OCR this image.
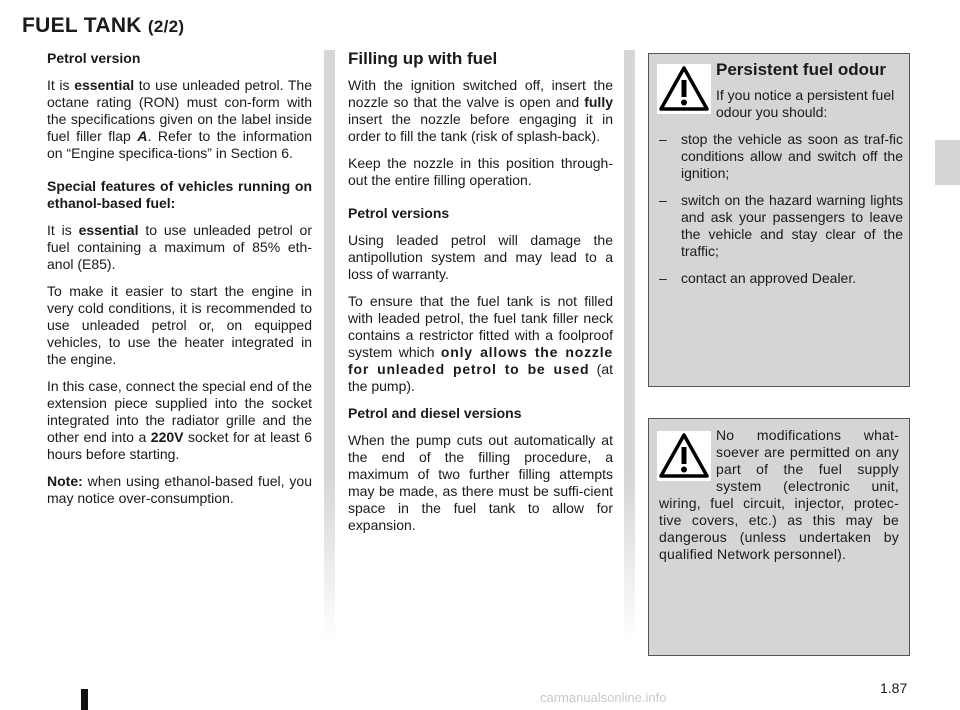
FUEL TANK (2/2)

Petrol version

It is essential to use unleaded petrol. The octane rating (RON) must con-form with the specifications given on the label inside fuel filler flap A. Refer to the information on “Engine specifica-tions” in Section 6.

Special features of vehicles running on ethanol-based fuel:

It is essential to use unleaded petrol or fuel containing a maximum of 85% eth-anol (E85).

To make it easier to start the engine in very cold conditions, it is recommended to use unleaded petrol or, on equipped vehicles, to use the heater integrated in the engine.

In this case, connect the special end of the extension piece supplied into the socket integrated into the radiator grille and the other end into a 220V socket for at least 6 hours before starting.

Note: when using ethanol-based fuel, you may notice over-consumption.

Filling up with fuel

With the ignition switched off, insert the nozzle so that the valve is open and fully insert the nozzle before engaging it in order to fill the tank (risk of splash-back).

Keep the nozzle in this position through-out the entire filling operation.

Petrol versions

Using leaded petrol will damage the antipollution system and may lead to a loss of warranty.

To ensure that the fuel tank is not filled with leaded petrol, the fuel tank filler neck contains a restrictor fitted with a foolproof system which only allows the nozzle for unleaded petrol to be used (at the pump).

Petrol and diesel versions

When the pump cuts out automatically at the end of the filling procedure, a maximum of two further filling attempts may be made, as there must be suffi-cient space in the fuel tank to allow for expansion.

Persistent fuel odour
If you notice a persistent fuel odour you should:
– stop the vehicle as soon as traf-fic conditions allow and switch off the ignition;
– switch on the hazard warning lights and ask your passengers to leave the vehicle and stay clear of the traffic;
– contact an approved Dealer.
No modifications what-soever are permitted on any part of the fuel supply system (electronic unit, wiring, fuel circuit, injector, protec-tive covers, etc.) as this may be dangerous (unless undertaken by qualified Network personnel).
1.87
carmanualsonline.info
